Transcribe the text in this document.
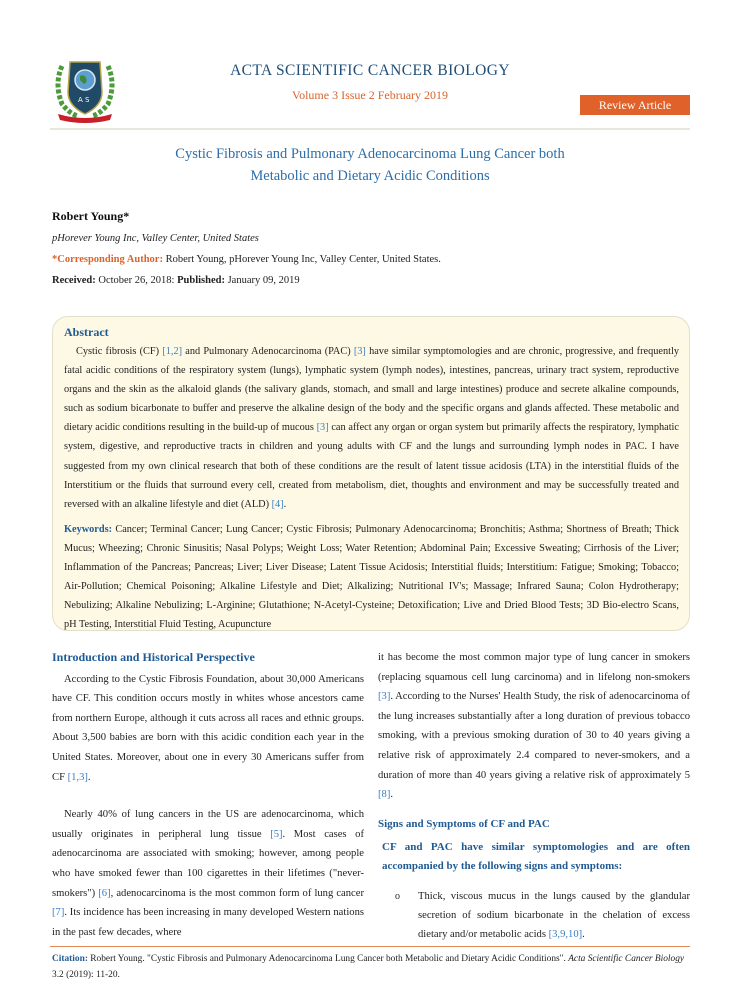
A S
ACTA SCIENTIFIC CANCER BIOLOGY
Volume 3 Issue 2 February 2019
Review Article
Cystic Fibrosis and Pulmonary Adenocarcinoma Lung Cancer both
Metabolic and Dietary Acidic Conditions
Robert Young*
pHorever Young Inc, Valley Center, United States
*Corresponding Author: Robert Young, pHorever Young Inc, Valley Center, United States.
Received: October 26, 2018: Published: January 09, 2019
Abstract
Cystic fibrosis (CF) [1,2] and Pulmonary Adenocarcinoma (PAC) [3] have similar symptomologies and are chronic, progressive, and frequently fatal acidic conditions of the respiratory system (lungs), lymphatic system (lymph nodes), intestines, pancreas, urinary tract system, reproductive organs and the skin as the alkaloid glands (the salivary glands, stomach, and small and large intestines) produce and secrete alkaline compounds, such as sodium bicarbonate to buffer and preserve the alkaline design of the body and the specific organs and glands affected. These metabolic and dietary acidic conditions resulting in the build-up of mucous [3] can affect any organ or organ system but primarily affects the respiratory, lymphatic system, digestive, and reproductive tracts in children and young adults with CF and the lungs and surrounding lymph nodes in PAC. I have suggested from my own clinical research that both of these conditions are the result of latent tissue acidosis (LTA) in the interstitial fluids of the Interstitium or the fluids that surround every cell, created from metabolism, diet, thoughts and environment and may be successfully treated and reversed with an alkaline lifestyle and diet (ALD) [4].
Keywords: Cancer; Terminal Cancer; Lung Cancer; Cystic Fibrosis; Pulmonary Adenocarcinoma; Bronchitis; Asthma; Shortness of Breath; Thick Mucus; Wheezing; Chronic Sinusitis; Nasal Polyps; Weight Loss; Water Retention; Abdominal Pain; Excessive Sweating; Cirrhosis of the Liver; Inflammation of the Pancreas; Pancreas; Liver; Liver Disease; Latent Tissue Acidosis; Interstitial fluids; Interstitium: Fatigue; Smoking; Tobacco; Air-Pollution; Chemical Poisoning; Alkaline Lifestyle and Diet; Alkalizing; Nutritional IV's; Massage; Infrared Sauna; Colon Hydrotherapy; Nebulizing; Alkaline Nebulizing; L-Arginine; Glutathione; N-Acetyl-Cysteine; Detoxification; Live and Dried Blood Tests; 3D Bio-electro Scans, pH Testing, Interstitial Fluid Testing, Acupuncture
Introduction and Historical Perspective
According to the Cystic Fibrosis Foundation, about 30,000 Americans have CF. This condition occurs mostly in whites whose ancestors came from northern Europe, although it cuts across all races and ethnic groups. About 3,500 babies are born with this acidic condition each year in the United States. Moreover, about one in every 30 Americans suffer from CF [1,3].
Nearly 40% of lung cancers in the US are adenocarcinoma, which usually originates in peripheral lung tissue [5]. Most cases of adenocarcinoma are associated with smoking; however, among people who have smoked fewer than 100 cigarettes in their lifetimes ("never-smokers") [6], adenocarcinoma is the most common form of lung cancer [7]. Its incidence has been increasing in many developed Western nations in the past few decades, where
it has become the most common major type of lung cancer in smokers (replacing squamous cell lung carcinoma) and in lifelong non-smokers [3]. According to the Nurses' Health Study, the risk of adenocarcinoma of the lung increases substantially after a long duration of previous tobacco smoking, with a previous smoking duration of 30 to 40 years giving a relative risk of approximately 2.4 compared to never-smokers, and a duration of more than 40 years giving a relative risk of approximately 5 [8].
Signs and Symptoms of CF and PAC
CF and PAC have similar symptomologies and are often accompanied by the following signs and symptoms:
o Thick, viscous mucus in the lungs caused by the glandular secretion of sodium bicarbonate in the chelation of excess dietary and/or metabolic acids [3,9,10].
Citation: Robert Young. "Cystic Fibrosis and Pulmonary Adenocarcinoma Lung Cancer both Metabolic and Dietary Acidic Conditions". Acta Scientific Cancer Biology 3.2 (2019): 11-20.
